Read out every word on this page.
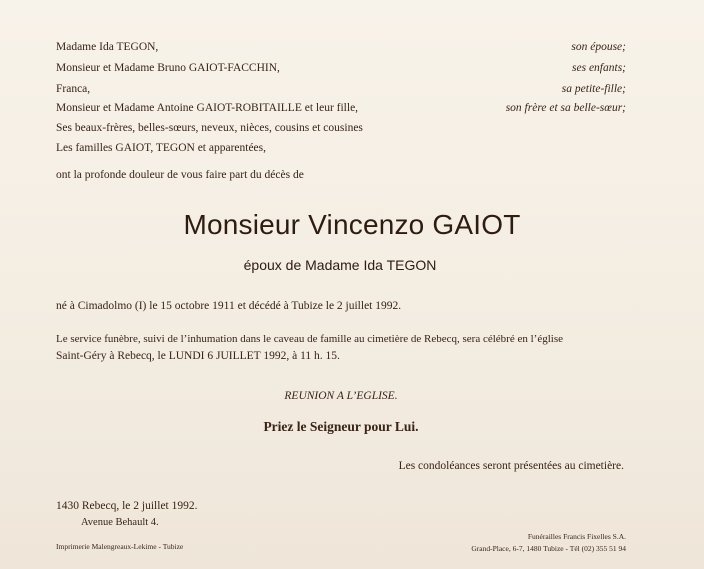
Madame Ida TEGON,	son épouse;
Monsieur et Madame Bruno GAIOT-FACCHIN,	ses enfants;
Franca,	sa petite-fille;
Monsieur et Madame Antoine GAIOT-ROBITAILLE et leur fille,	son frère et sa belle-sœur;
Ses beaux-frères, belles-sœurs, neveux, nièces, cousins et cousines
Les familles GAIOT, TEGON et apparentées,
ont la profonde douleur de vous faire part du décès de
Monsieur Vincenzo GAIOT
époux de Madame Ida TEGON
né à Cimadolmo (I) le 15 octobre 1911 et décédé à Tubize le 2 juillet 1992.
Le service funèbre, suivi de l’inhumation dans le caveau de famille au cimetière de Rebecq, sera célébré en l’église
Saint-Géry à Rebecq, le LUNDI 6 JUILLET 1992, à 11 h. 15.
REUNION A L’EGLISE.
Priez le Seigneur pour Lui.
Les condoléances seront présentées au cimetière.
1430 Rebecq, le 2 juillet 1992.
Avenue Behault 4.
Imprimerie Malengreaux-Lekime - Tubize
Funérailles Francis Fixelles S.A.
Grand-Place, 6-7, 1480 Tubize - Tél (02) 355 51 94
